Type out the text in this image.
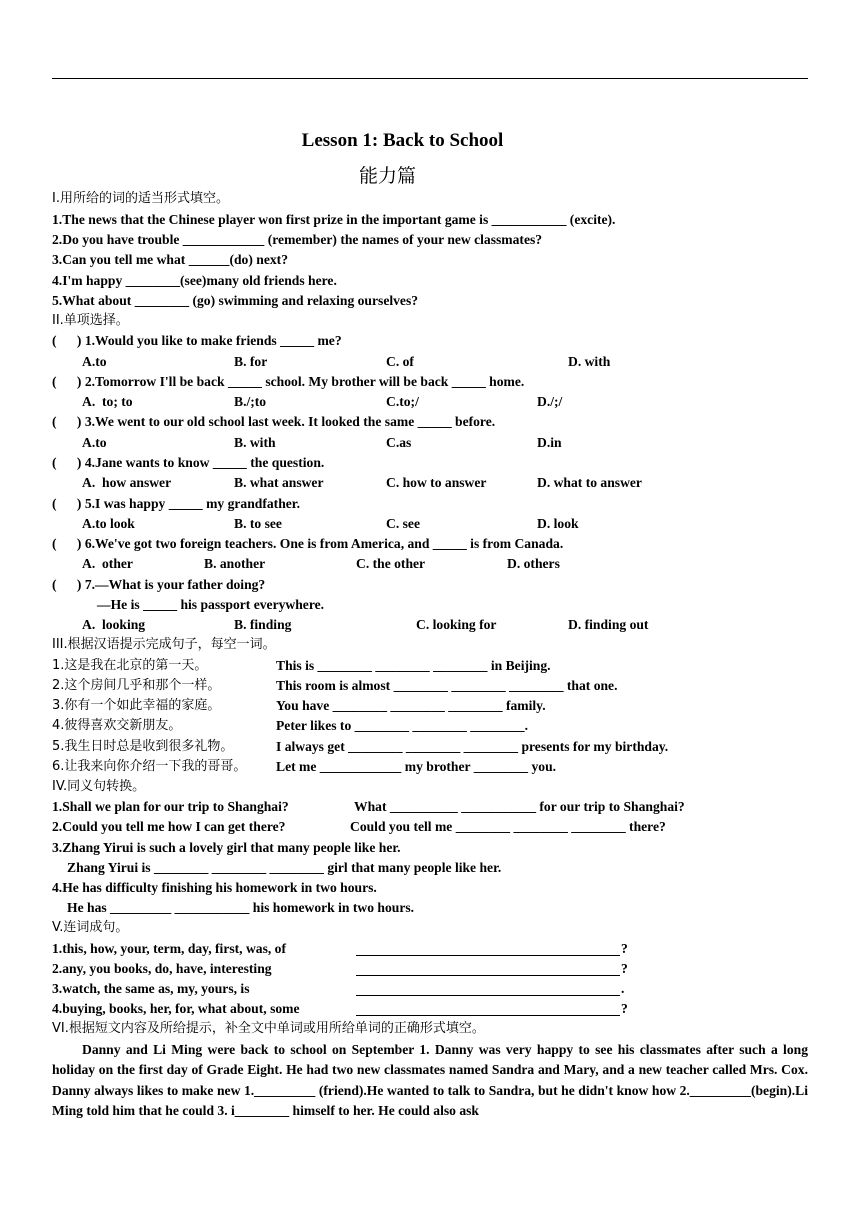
Lesson 1: Back to School
能力篇
I.用所给的词的适当形式填空。
1.The news that the Chinese player won first prize in the important game is ___________ (excite).
2.Do you have trouble ____________ (remember) the names of your new classmates?
3.Can you tell me what ______(do) next?
4.I'm happy ________(see)many old friends here.
5.What about ________ (go) swimming and relaxing ourselves?
II.单项选择。
(      ) 1.Would you like to make friends _____ me?
A.to	B. for	C. of	D. with
(      ) 2.Tomorrow I'll be back _____ school. My brother will be back _____ home.
A.  to; to	B./;to	C.to;/	D./;/
(      ) 3.We went to our old school last week. It looked the same _____ before.
A.to	B. with	C.as	D.in
(      ) 4.Jane wants to know _____ the question.
A.  how answer	B. what answer	C. how to answer	D. what to answer
(      ) 5.I was happy _____ my grandfather.
A.to look	B. to see	C. see	D. look
(      ) 6.We've got two foreign teachers. One is from America, and _____ is from Canada.
A.  other	B. another	C. the other	D. others
(      ) 7.—What is your father doing?
—He is _____ his passport everywhere.
A.  looking	B. finding	C. looking for	D. finding out
III.根据汉语提示完成句子，每空一词。
1.这是我在北京的第一天。	This is ________ ________ ________ in Beijing.
2.这个房间几乎和那个一样。	This room is almost ________ ________ ________ that one.
3.你有一个如此幸福的家庭。	You have ________ ________ ________ family.
4.彼得喜欢交新朋友。	Peter likes to ________ ________ ________.
5.我生日时总是收到很多礼物。	I always get ________ ________ ________ presents for my birthday.
6.让我来向你介绍一下我的哥哥。 Let me ____________ my brother ________ you.
IV.同义句转换。
1.Shall we plan for our trip to Shanghai?	What __________ ___________ for our trip to Shanghai?
2.Could you tell me how I can get there?	Could you tell me ________ ________ ________ there?
3.Zhang Yirui is such a lovely girl that many people like her.
Zhang Yirui is ________ ________ ________ girl that many people like her.
4.He has difficulty finishing his homework in two hours.
He has _________ ___________ his homework in two hours.
V.连词成句。
1.this, how, your, term, day, first, was, of	?
2.any, you books, do, have, interesting	?
3.watch, the same as, my, yours, is	.
4.buying, books, her, for, what about, some	?
VI.根据短文内容及所给提示，补全文中单词或用所给单词的正确形式填空。
Danny and Li Ming were back to school on September 1. Danny was very happy to see his classmates after such a long holiday on the first day of Grade Eight. He had two new classmates named Sandra and Mary, and a new teacher called Mrs. Cox. Danny always likes to make new 1._________ (friend).He wanted to talk to Sandra, but he didn't know how 2._________(begin).Li Ming told him that he could 3. i________ himself to her. He could also ask
